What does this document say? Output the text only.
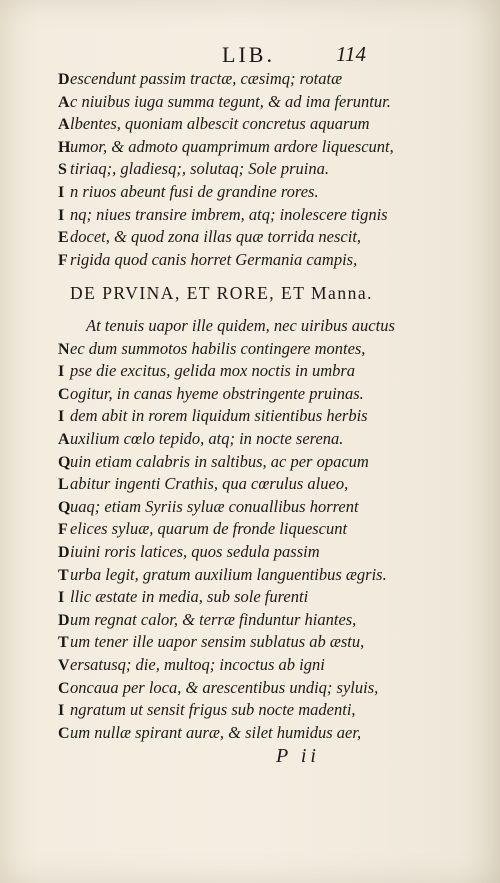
LIB.	114
Descendunt passim tractæ, cæsimq; rotatæ
Ac niuibus iuga summa tegunt, & ad ima feruntur.
Albentes, quoniam albescit concretus aquarum
Humor, & admoto quamprimum ardore liquescunt,
S tiriaq;, gladiesq;, solutaq; Sole pruina.
I n riuos abeunt fusi de grandine rores.
I nq; niues transire imbrem, atq; inolescere tignis
Edocet, & quod zona illas quæ torrida nescit,
F rigida quod canis horret Germania campis,
DE PRVINA, ET RORE, ET Manna.
At tenuis uapor ille quidem, nec uiribus auctus
Nec dum summotos habilis contingere montes,
I pse die excitus, gelida mox noctis in umbra
Cogitur, in canas hyeme obstringente pruinas.
I dem abit in rorem liquidum sitientibus herbis
Auxilium cœlo tepido, atq; in nocte serena.
Quin etiam calabris in saltibus, ac per opacum
Labitur ingenti Crathis, qua cœrulus alueo,
Quaq; etiam Syriis syluæ conuallibus horrent
F elices syluæ, quarum de fronde liquescunt
Diuini roris latices, quos sedula passim
Turba legit, gratum auxilium languentibus ægris.
I llic æstate in media, sub sole furenti
Dum regnat calor, & terræ finduntur hiantes,
Tum tener ille uapor sensim sublatus ab æstu,
Versatusq; die, multoq; incoctus ab igni
Concaua per loca, & arescentibus undiq; syluis,
I ngratum ut sensit frigus sub nocte madenti,
Cum nullæ spirant auræ, & silet humidus aer,
P ii
